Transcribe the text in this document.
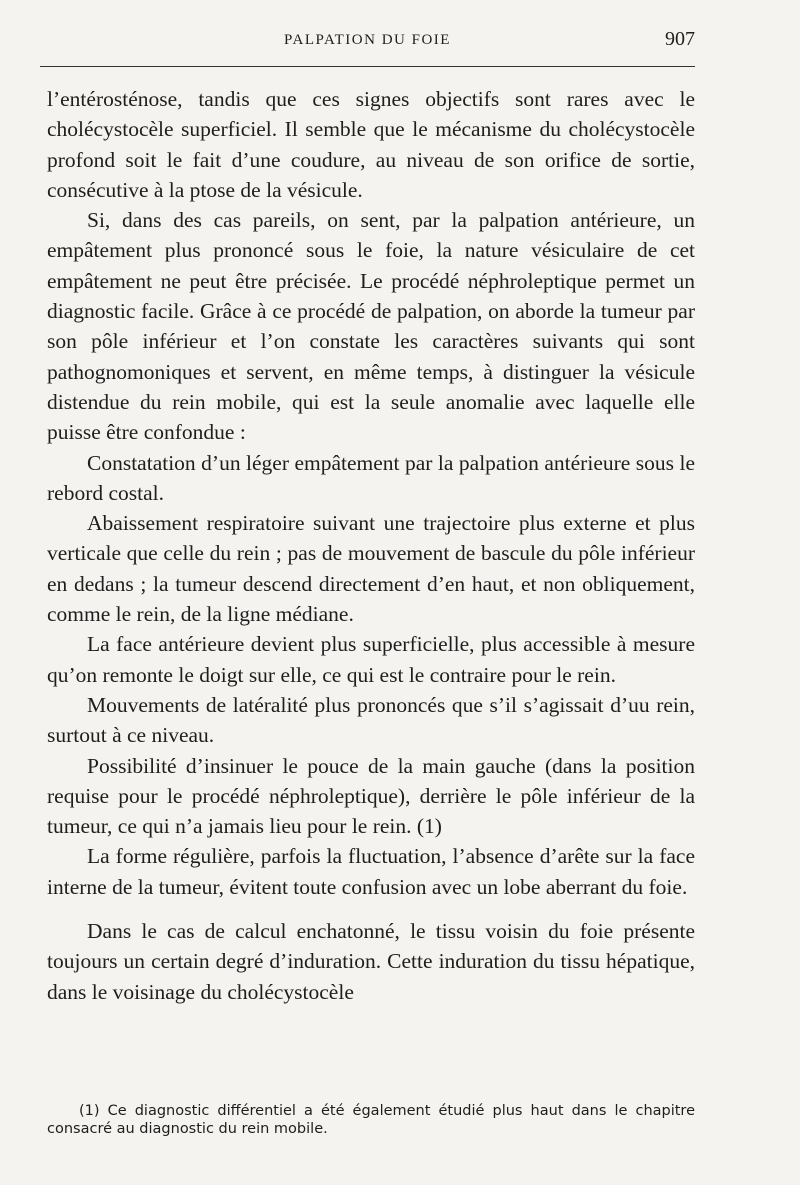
PALPATION DU FOIE	907

l’entérosténose, tandis que ces signes objectifs sont rares avec le cholécystocèle superficiel. Il semble que le mécanisme du cholécystocèle profond soit le fait d’une coudure, au niveau de son orifice de sortie, consécutive à la ptose de la vésicule.

Si, dans des cas pareils, on sent, par la palpation antérieure, un empâtement plus prononcé sous le foie, la nature vésiculaire de cet empâtement ne peut être précisée. Le procédé néphroleptique permet un diagnostic facile. Grâce à ce procédé de palpation, on aborde la tumeur par son pôle inférieur et l’on constate les caractères suivants qui sont pathognomoniques et servent, en même temps, à distinguer la vésicule distendue du rein mobile, qui est la seule anomalie avec laquelle elle puisse être confondue :

Constatation d’un léger empâtement par la palpation antérieure sous le rebord costal.

Abaissement respiratoire suivant une trajectoire plus externe et plus verticale que celle du rein ; pas de mouvement de bascule du pôle inférieur en dedans ; la tumeur descend directement d’en haut, et non obliquement, comme le rein, de la ligne médiane.

La face antérieure devient plus superficielle, plus accessible à mesure qu’on remonte le doigt sur elle, ce qui est le contraire pour le rein.

Mouvements de latéralité plus prononcés que s’il s’agissait d’uu rein, surtout à ce niveau.

Possibilité d’insinuer le pouce de la main gauche (dans la position requise pour le procédé néphroleptique), derrière le pôle inférieur de la tumeur, ce qui n’a jamais lieu pour le rein. (1)

La forme régulière, parfois la fluctuation, l’absence d’arête sur la face interne de la tumeur, évitent toute confusion avec un lobe aberrant du foie.

Dans le cas de calcul enchatonné, le tissu voisin du foie présente toujours un certain degré d’induration. Cette induration du tissu hépatique, dans le voisinage du cholécystocèle

(1) Ce diagnostic différentiel a été également étudié plus haut dans le chapitre consacré au diagnostic du rein mobile.
